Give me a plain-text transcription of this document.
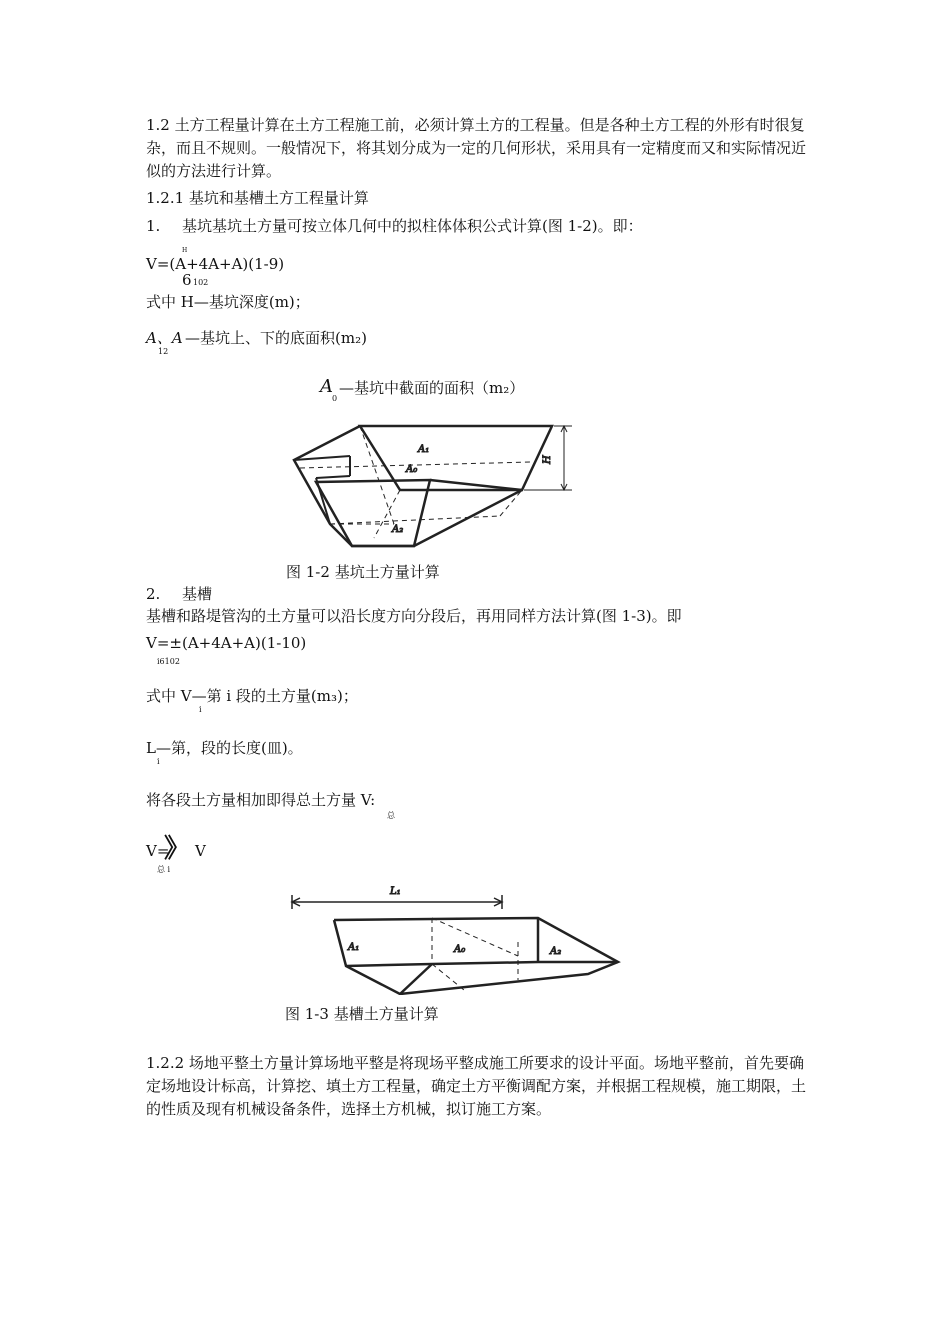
1.2 土方工程量计算在土方工程施工前，必须计算土方的工程量。但是各种土方工程的外形有时很复杂，而且不规则。一般情况下，将其划分成为一定的几何形状，采用具有一定精度而又和实际情况近似的方法进行计算。
1.2.1 基坑和基槽土方工程量计算
1. 基坑基坑土方量可按立体几何中的拟柱体体积公式计算(图 1-2)。即：
H
V=(A+4A+A)(1-9)
6 102
式中 H—基坑深度(m)；
A、A —基坑上、下的底面积(m₂)
12
A —基坑中截面的面积（m₂）
0
A₁
A₀
A₂
H
图 1-2 基坑土方量计算
2. 基槽
基槽和路堤管沟的土方量可以沿长度方向分段后，再用同样方法计算(图 1-3)。即
V=±(A+4A+A)(1-10)
i6102
式中 V—第 i 段的土方量(m₃)；
i
L—第，段的长度(皿)。
i
将各段土方量相加即得总土方量 V:
总
V=
》 V
总 i
L₁
A₁	A₀	A₂
图 1-3 基槽土方量计算
1.2.2 场地平整土方量计算场地平整是将现场平整成施工所要求的设计平面。场地平整前，首先要确定场地设计标高，计算挖、填土方工程量，确定土方平衡调配方案，并根据工程规模，施工期限，土的性质及现有机械设备条件，选择土方机械，拟订施工方案。
